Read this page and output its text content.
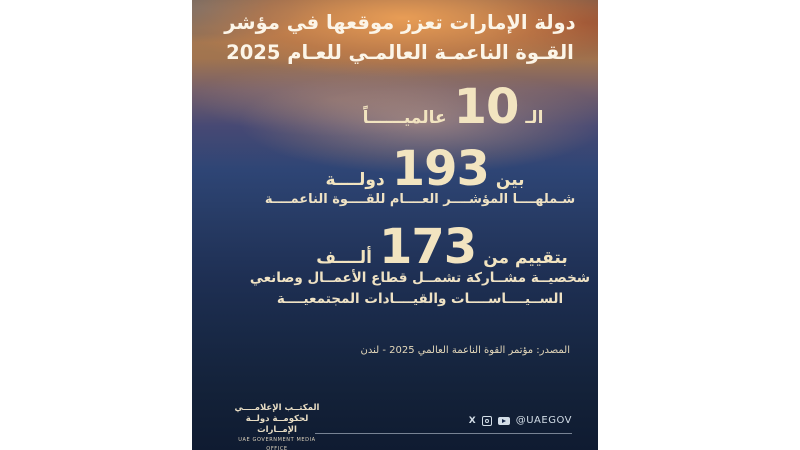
دولة الإمارات تعزز موقعها في مؤشر
القـوة الناعمـة العالمـي للعـام 2025
الـ
10
عالميــــــاً
بين
193
دولــــة
شـملهــــا المؤشــــر العــــام للقــــوة الناعمــــة
بتقييم من
173
ألــــف
شخصيــة مشــاركة تشمــل قطاع الأعمــال وصانعي
الســيــــاســــات والقيــــادات المجتمعيــــة
المصدر: مؤتمر القوة الناعمة العالمي 2025 - لندن
المكتــب الإعلامــــي
لحكومــة دولــة الإمــارات
UAE GOVERNMENT MEDIA OFFICE
X	@UAEGOV
